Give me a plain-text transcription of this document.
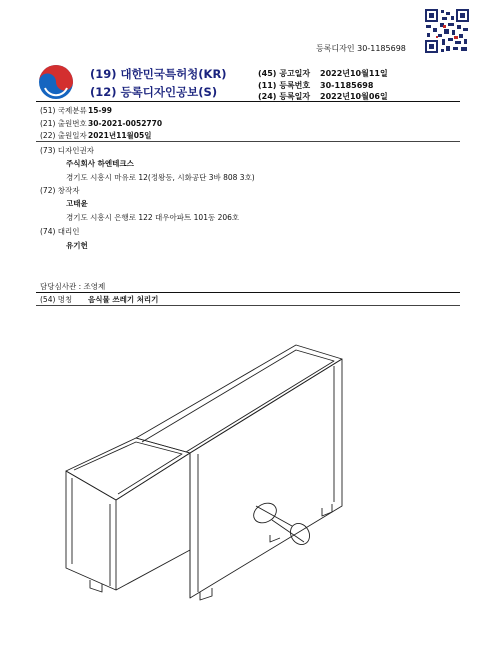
등록디자인 30-1185698
(19) 대한민국특허청(KR)
(12) 등록디자인공보(S)
(45) 공고일자 2022년10월11일
(11) 등록번호 30-1185698
(24) 등록일자 2022년10월06일
(51) 국제분류15-99
(21) 출원번호30-2021-0052770
(22) 출원일자2021년11월05일
(73) 디자인권자
주식회사 하엔테크스
경기도 시흥시 마유로 12(정왕동, 시화공단 3바 808 3호)
(72) 창작자
고태윤
경기도 시흥시 은행로 122 대우아파트 101동 206호
(74) 대리인
유기헌
담당심사관 : 조영제
(54) 명칭 음식물 쓰레기 처리기
